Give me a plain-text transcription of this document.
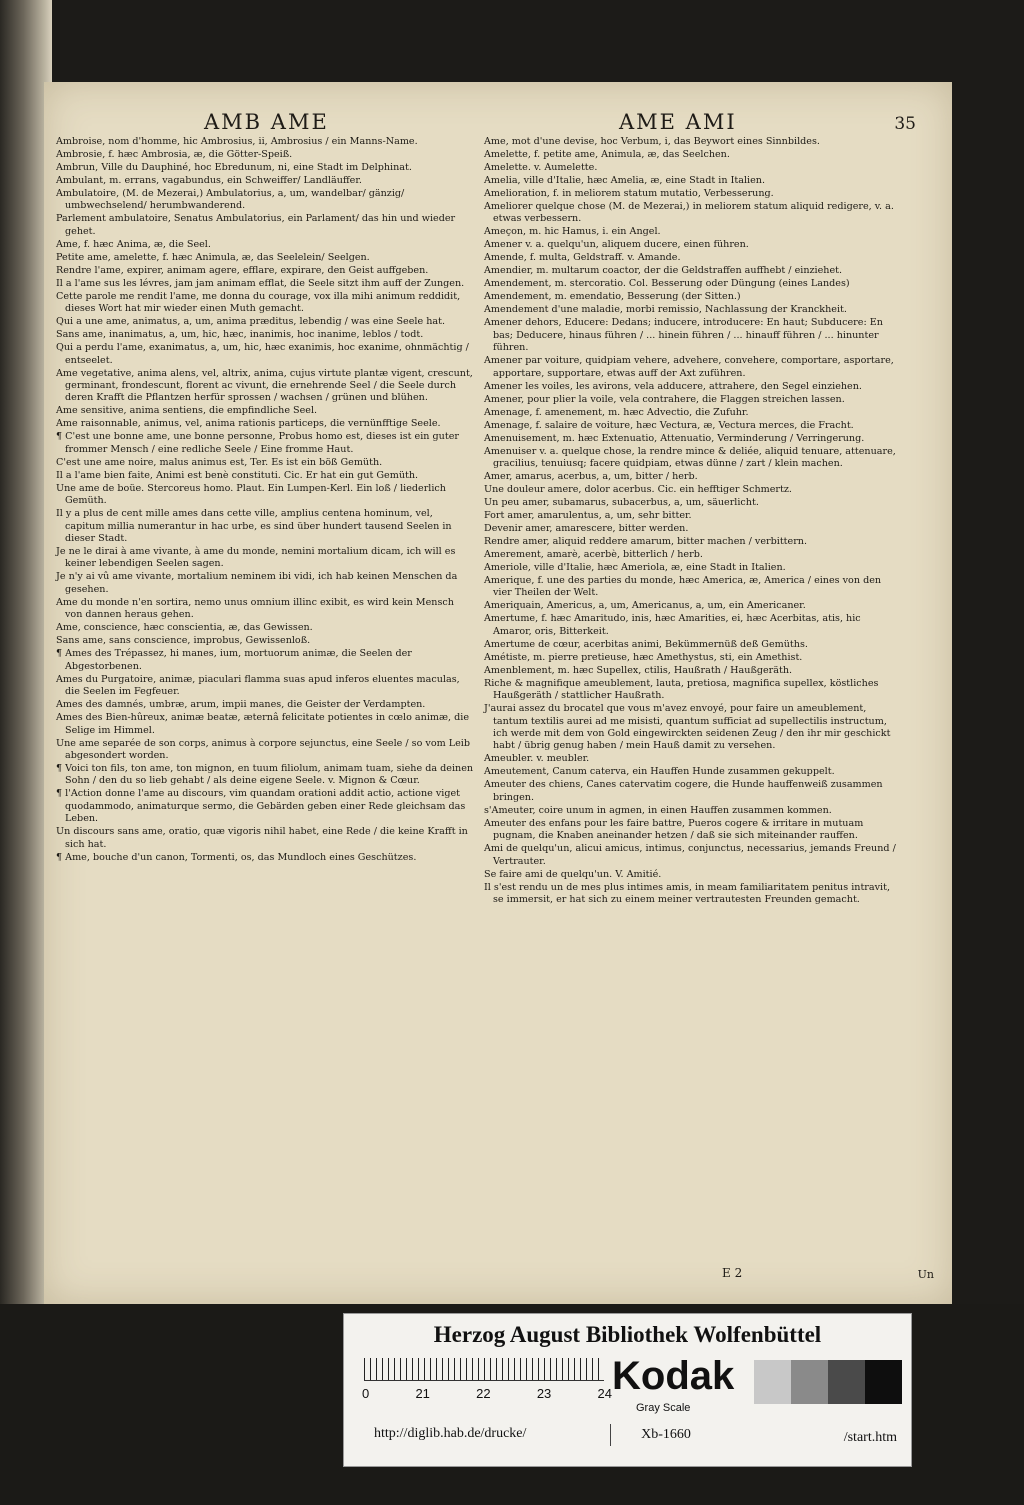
AMB AME	AME AMI	35

Ambroise, nom d'homme, hic Ambrosius, ii, Ambrosius / ein Manns-Name.

Ambrosie, f. hæc Ambrosia, æ, die Götter-Speiß.

Ambrun, Ville du Dauphiné, hoc Ebredunum, ni, eine Stadt im Delphinat.

Ambulant, m. errans, vagabundus, ein Schweiffer/ Landläuffer.

Ambulatoire, (M. de Mezerai,) Ambulatorius, a, um, wandelbar/ gänzig/ umbwechselend/ herumbwanderend.

Parlement ambulatoire, Senatus Ambulatorius, ein Parlament/ das hin und wieder gehet.

Ame, f. hæc Anima, æ, die Seel.

Petite ame, amelette, f. hæc Animula, æ, das Seelelein/ Seelgen.

Rendre l'ame, expirer, animam agere, efflare, expirare, den Geist auffgeben.

Il a l'ame sus les lévres, jam jam animam efflat, die Seele sitzt ihm auff der Zungen.

Cette parole me rendit l'ame, me donna du courage, vox illa mihi animum reddidit, dieses Wort hat mir wieder einen Muth gemacht.

Qui a une ame, animatus, a, um, anima præditus, lebendig / was eine Seele hat.

Sans ame, inanimatus, a, um, hic, hæc, inanimis, hoc inanime, leblos / todt.

Qui a perdu l'ame, exanimatus, a, um, hic, hæc exanimis, hoc exanime, ohnmächtig / entseelet.

Ame vegetative, anima alens, vel, altrix, anima, cujus virtute plantæ vigent, crescunt, germinant, frondescunt, florent ac vivunt, die ernehrende Seel / die Seele durch deren Krafft die Pflantzen herfür sprossen / wachsen / grünen und blühen.

Ame sensitive, anima sentiens, die empfindliche Seel.

Ame raisonnable, animus, vel, anima rationis particeps, die vernünfftige Seele.

¶ C'est une bonne ame, une bonne personne, Probus homo est, dieses ist ein guter frommer Mensch / eine redliche Seele / Eine fromme Haut.

C'est une ame noire, malus animus est, Ter. Es ist ein böß Gemüth.

Il a l'ame bien faite, Animi est benè constituti. Cic. Er hat ein gut Gemüth.

Une ame de boüe. Stercoreus homo. Plaut. Ein Lumpen-Kerl. Ein loß / liederlich Gemüth.

Il y a plus de cent mille ames dans cette ville, amplius centena hominum, vel, capitum millia numerantur in hac urbe, es sind über hundert tausend Seelen in dieser Stadt.

Je ne le dirai à ame vivante, à ame du monde, nemini mortalium dicam, ich will es keiner lebendigen Seelen sagen.

Je n'y ai vû ame vivante, mortalium neminem ibi vidi, ich hab keinen Menschen da gesehen.

Ame du monde n'en sortira, nemo unus omnium illinc exibit, es wird kein Mensch von dannen heraus gehen.

Ame, conscience, hæc conscientia, æ, das Gewissen.

Sans ame, sans conscience, improbus, Gewissenloß.

¶ Ames des Trépassez, hi manes, ium, mortuorum animæ, die Seelen der Abgestorbenen.

Ames du Purgatoire, animæ, piaculari flamma suas apud inferos eluentes maculas, die Seelen im Fegfeuer.

Ames des damnés, umbræ, arum, impii manes, die Geister der Verdampten.

Ames des Bien-hûreux, animæ beatæ, æternâ felicitate potientes in cœlo animæ, die Selige im Himmel.

Une ame separée de son corps, animus à corpore sejunctus, eine Seele / so vom Leib abgesondert worden.

¶ Voici ton fils, ton ame, ton mignon, en tuum filiolum, animam tuam, siehe da deinen Sohn / den du so lieb gehabt / als deine eigene Seele. v. Mignon & Cœur.

¶ l'Action donne l'ame au discours, vim quandam orationi addit actio, actione viget quodammodo, animaturque sermo, die Gebärden geben einer Rede gleichsam das Leben.

Un discours sans ame, oratio, quæ vigoris nihil habet, eine Rede / die keine Krafft in sich hat.

¶ Ame, bouche d'un canon, Tormenti, os, das Mundloch eines Geschützes.

Ame, mot d'une devise, hoc Verbum, i, das Beywort eines Sinnbildes.

Amelette, f. petite ame, Animula, æ, das Seelchen.

Amelette. v. Aumelette.

Amelia, ville d'Italie, hæc Amelia, æ, eine Stadt in Italien.

Amelioration, f. in meliorem statum mutatio, Verbesserung.

Ameliorer quelque chose (M. de Mezerai,) in meliorem statum aliquid redigere, v. a. etwas verbessern.

Ameçon, m. hic Hamus, i. ein Angel.

Amener v. a. quelqu'un, aliquem ducere, einen führen.

Amende, f. multa, Geldstraff. v. Amande.

Amendier, m. multarum coactor, der die Geldstraffen auffhebt / einziehet.

Amendement, m. stercoratio. Col. Besserung oder Düngung (eines Landes)

Amendement, m. emendatio, Besserung (der Sitten.)

Amendement d'une maladie, morbi remissio, Nachlassung der Kranckheit.

Amener dehors, Educere: Dedans; inducere, introducere: En haut; Subducere: En bas; Deducere, hinaus führen / ... hinein führen / ... hinauff führen / ... hinunter führen.

Amener par voiture, quidpiam vehere, advehere, convehere, comportare, asportare, apportare, supportare, etwas auff der Axt zuführen.

Amener les voiles, les avirons, vela adducere, attrahere, den Segel einziehen.

Amener, pour plier la voile, vela contrahere, die Flaggen streichen lassen.

Amenage, f. amenement, m. hæc Advectio, die Zufuhr.

Amenage, f. salaire de voiture, hæc Vectura, æ, Vectura merces, die Fracht.

Amenuisement, m. hæc Extenuatio, Attenuatio, Verminderung / Verringerung.

Amenuiser v. a. quelque chose, la rendre mince & deliée, aliquid tenuare, attenuare, gracilius, tenuiusq; facere quidpiam, etwas dünne / zart / klein machen.

Amer, amarus, acerbus, a, um, bitter / herb.

Une douleur amere, dolor acerbus. Cic. ein hefftiger Schmertz.

Un peu amer, subamarus, subacerbus, a, um, säuerlicht.

Fort amer, amarulentus, a, um, sehr bitter.

Devenir amer, amarescere, bitter werden.

Rendre amer, aliquid reddere amarum, bitter machen / verbittern.

Amerement, amarè, acerbè, bitterlich / herb.

Ameriole, ville d'Italie, hæc Ameriola, æ, eine Stadt in Italien.

Amerique, f. une des parties du monde, hæc America, æ, America / eines von den vier Theilen der Welt.

Ameriquain, Americus, a, um, Americanus, a, um, ein Americaner.

Amertume, f. hæc Amaritudo, inis, hæc Amarities, ei, hæc Acerbitas, atis, hic Amaror, oris, Bitterkeit.

Amertume de cœur, acerbitas animi, Bekümmernüß deß Gemüths.

Amétiste, m. pierre pretieuse, hæc Amethystus, sti, ein Amethist.

Amenblement, m. hæc Supellex, ctilis, Haußrath / Haußgeräth.

Riche & magnifique ameublement, lauta, pretiosa, magnifica supellex, köstliches Haußgeräth / stattlicher Haußrath.

J'aurai assez du brocatel que vous m'avez envoyé, pour faire un ameublement, tantum textilis aurei ad me misisti, quantum sufficiat ad supellectilis instructum, ich werde mit dem von Gold eingewirckten seidenen Zeug / den ihr mir geschickt habt / übrig genug haben / mein Hauß damit zu versehen.

Ameubler. v. meubler.

Ameutement, Canum caterva, ein Hauffen Hunde zusammen gekuppelt.

Ameuter des chiens, Canes catervatim cogere, die Hunde hauffenweiß zusammen bringen.

s'Ameuter, coire unum in agmen, in einen Hauffen zusammen kommen.

Ameuter des enfans pour les faire battre, Pueros cogere & irritare in mutuam pugnam, die Knaben aneinander hetzen / daß sie sich miteinander rauffen.

Ami de quelqu'un, alicui amicus, intimus, conjunctus, necessarius, jemands Freund / Vertrauter.

Se faire ami de quelqu'un. V. Amitié.

Il s'est rendu un de mes plus intimes amis, in meam familiaritatem penitus intravit, se immersit, er hat sich zu einem meiner vertrautesten Freunden gemacht.

E 2	Un
Herzog August Bibliothek Wolfenbüttel
0	21	22	23	24 Kodak
Gray Scale
http://diglib.hab.de/drucke/	Xb-1660	/start.htm
